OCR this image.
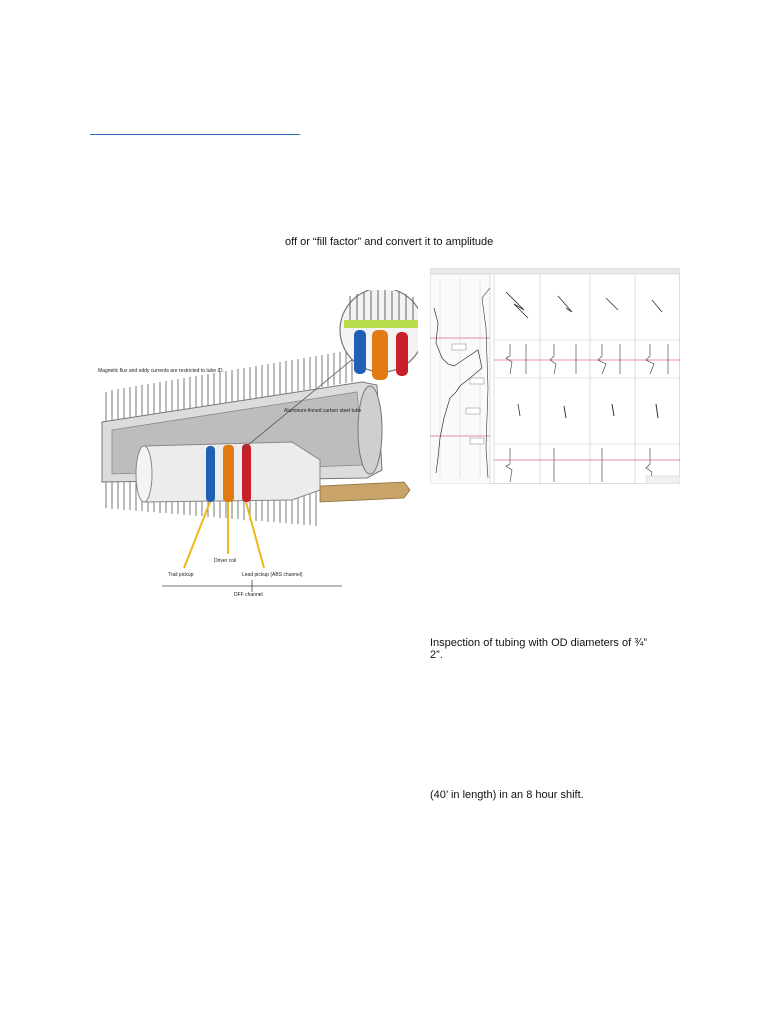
off or “fill factor” and convert it to amplitude
Magnetic flux and eddy currents are restricted to tube ID.
Aluminum-finned carbon steel tube
Driver coil
Trail pickup	Lead pickup (ABS channel)
DFF channel
Inspection of tubing with OD diameters of ¾”
2”.
(40’ in length) in an 8 hour shift.
